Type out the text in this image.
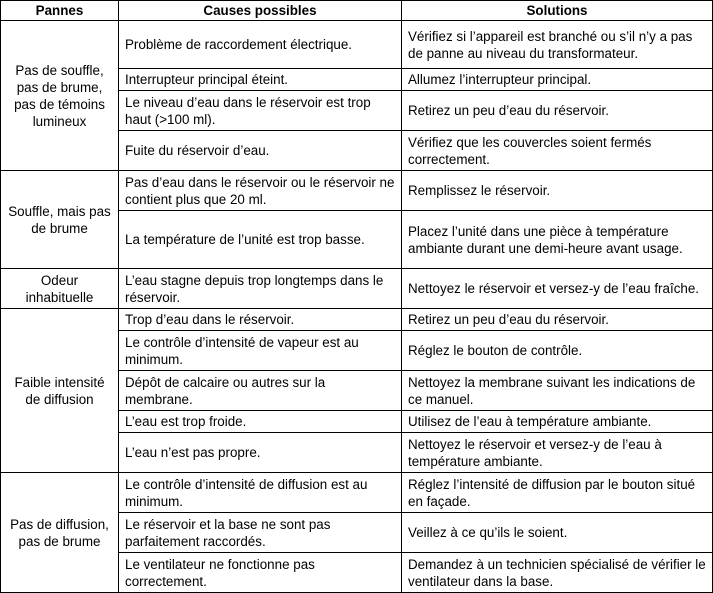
Pannes	Causes possibles	Solutions
Pas de souffle, pas de brume, pas de témoins lumineux	Problème de raccordement électrique.	Vérifiez si l’appareil est branché ou s’il n’y a pas de panne au niveau du transformateur.
	Interrupteur principal éteint.	Allumez l’interrupteur principal.
	Le niveau d’eau dans le réservoir est trop haut (>100 ml).	Retirez un peu d’eau du réservoir.
	Fuite du réservoir d’eau.	Vérifiez que les couvercles soient fermés correctement.
Souffle, mais pas de brume	Pas d’eau dans le réservoir ou le réservoir ne contient plus que 20 ml.	Remplissez le réservoir.
	La température de l’unité est trop basse.	Placez l’unité dans une pièce à température ambiante durant une demi-heure avant usage.
Odeur inhabituelle	L’eau stagne depuis trop longtemps dans le réservoir.	Nettoyez le réservoir et versez-y de l’eau fraîche.
Faible intensité de diffusion	Trop d’eau dans le réservoir.	Retirez un peu d’eau du réservoir.
	Le contrôle d’intensité de vapeur est au minimum.	Réglez le bouton de contrôle.
	Dépôt de calcaire ou autres sur la membrane.	Nettoyez la membrane suivant les indications de ce manuel.
	L’eau est trop froide.	Utilisez de l’eau à température ambiante.
	L’eau n’est pas propre.	Nettoyez le réservoir et versez-y de l’eau à température ambiante.
Pas de diffusion, pas de brume	Le contrôle d’intensité de diffusion est au minimum.	Réglez l’intensité de diffusion par le bouton situé en façade.
	Le réservoir et la base ne sont pas parfaitement raccordés.	Veillez à ce qu’ils le soient.
	Le ventilateur ne fonctionne pas correctement.	Demandez à un technicien spécialisé de vérifier le ventilateur dans la base.
